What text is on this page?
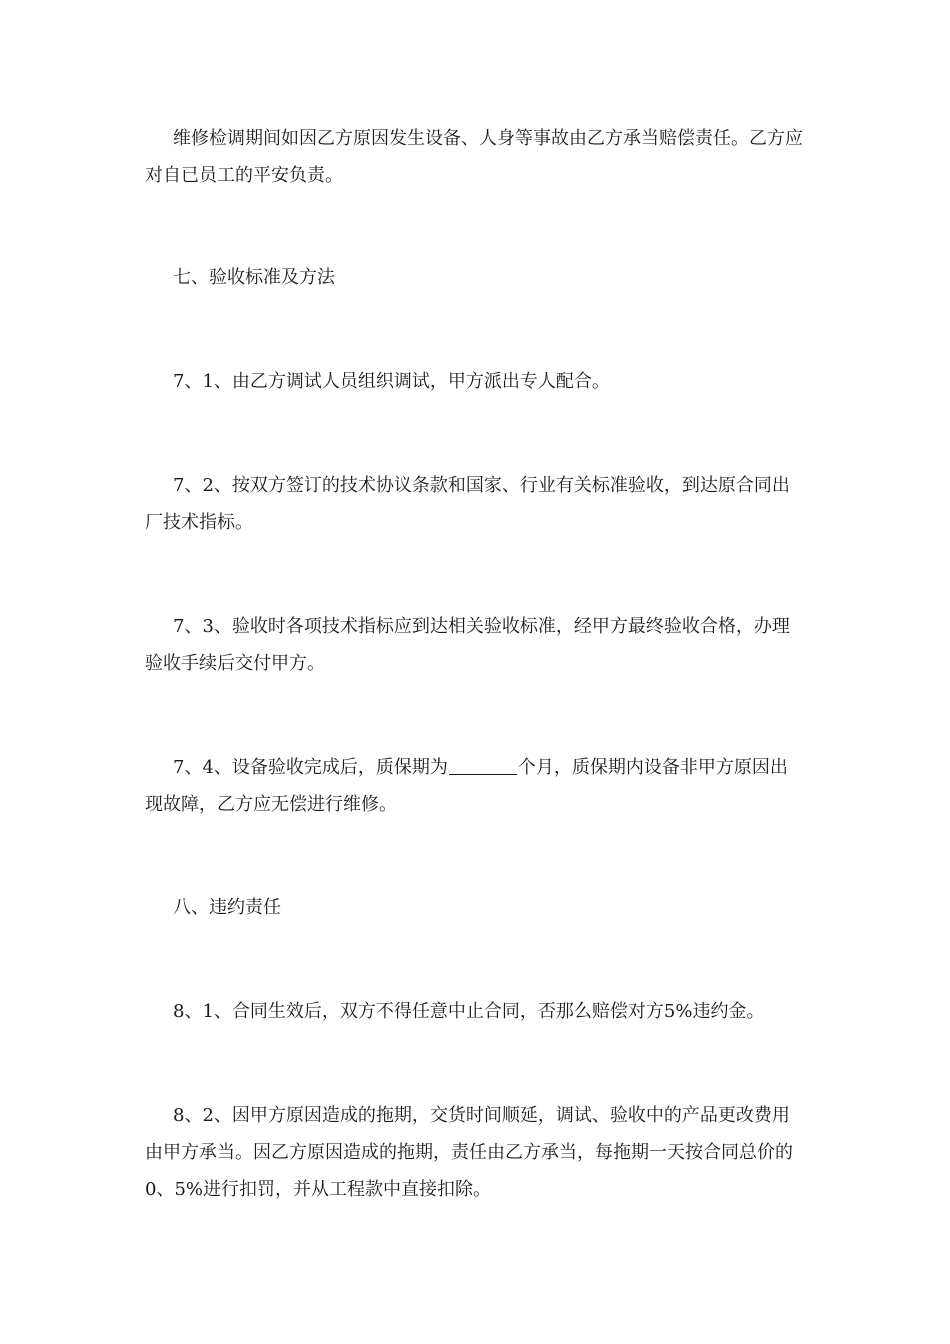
维修检调期间如因乙方原因发生设备、人身等事故由乙方承当赔偿责任。乙方应对自已员工的平安负责。

七、验收标准及方法

7、1、由乙方调试人员组织调试，甲方派出专人配合。

7、2、按双方签订的技术协议条款和国家、行业有关标准验收，到达原合同出厂技术指标。

7、3、验收时各项技术指标应到达相关验收标准，经甲方最终验收合格，办理验收手续后交付甲方。

7、4、设备验收完成后，质保期为	个月，质保期内设备非甲方原因出现故障，乙方应无偿进行维修。

八、违约责任

8、1、合同生效后，双方不得任意中止合同，否那么赔偿对方5%违约金。

8、2、因甲方原因造成的拖期，交货时间顺延，调试、验收中的产品更改费用由甲方承当。因乙方原因造成的拖期，责任由乙方承当，每拖期一天按合同总价的0、5%进行扣罚，并从工程款中直接扣除。
